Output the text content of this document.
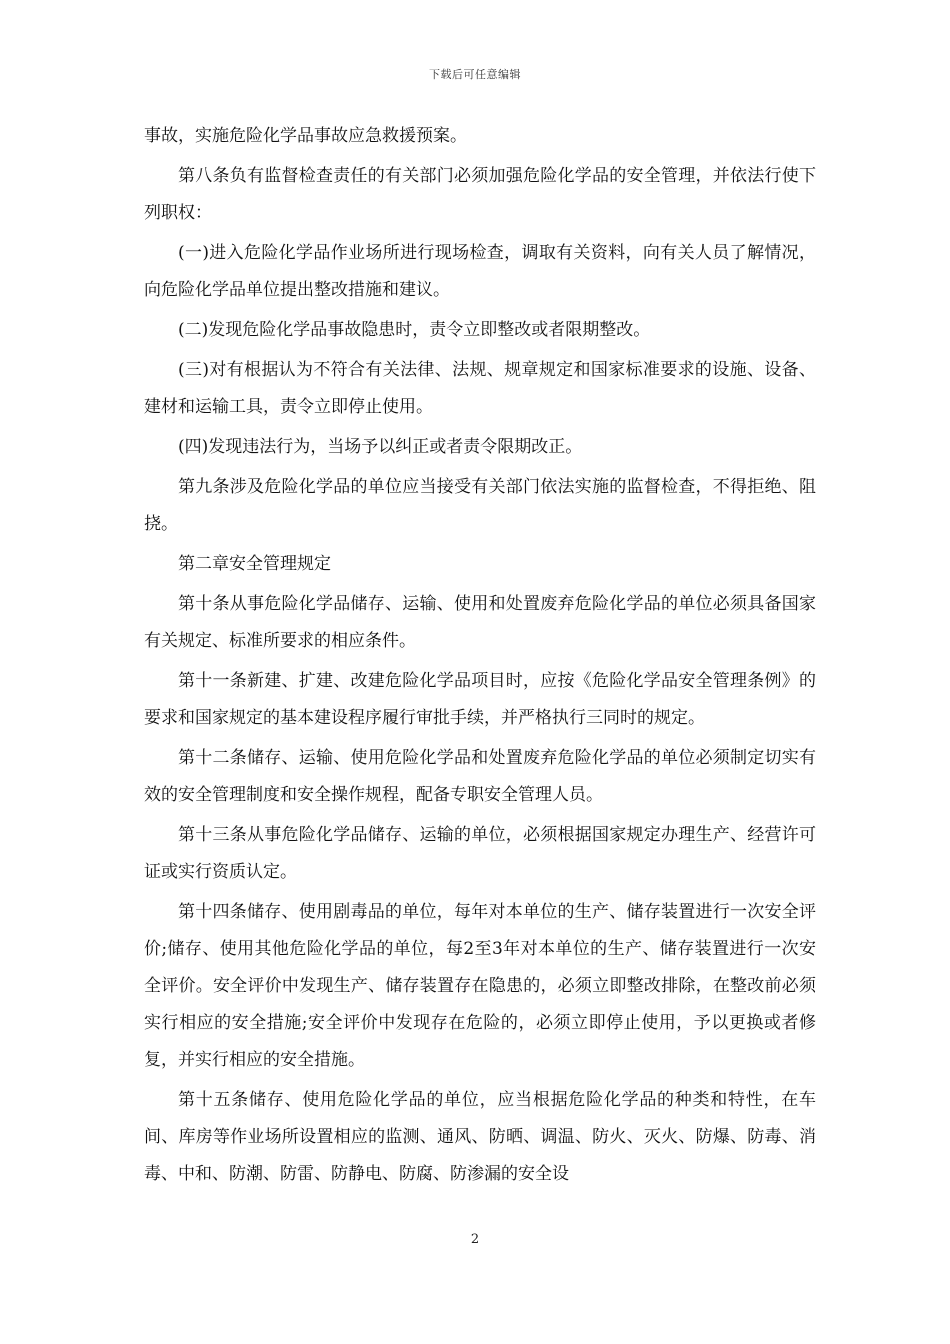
下载后可任意编辑

事故，实施危险化学品事故应急救援预案。

第八条负有监督检查责任的有关部门必须加强危险化学品的安全管理，并依法行使下列职权：

(一)进入危险化学品作业场所进行现场检查，调取有关资料，向有关人员了解情况，向危险化学品单位提出整改措施和建议。

(二)发现危险化学品事故隐患时，责令立即整改或者限期整改。

(三)对有根据认为不符合有关法律、法规、规章规定和国家标准要求的设施、设备、建材和运输工具，责令立即停止使用。

(四)发现违法行为，当场予以纠正或者责令限期改正。

第九条涉及危险化学品的单位应当接受有关部门依法实施的监督检查，不得拒绝、阻挠。

第二章安全管理规定

第十条从事危险化学品储存、运输、使用和处置废弃危险化学品的单位必须具备国家有关规定、标准所要求的相应条件。

第十一条新建、扩建、改建危险化学品项目时，应按《危险化学品安全管理条例》的要求和国家规定的基本建设程序履行审批手续，并严格执行三同时的规定。

第十二条储存、运输、使用危险化学品和处置废弃危险化学品的单位必须制定切实有效的安全管理制度和安全操作规程，配备专职安全管理人员。

第十三条从事危险化学品储存、运输的单位，必须根据国家规定办理生产、经营许可证或实行资质认定。

第十四条储存、使用剧毒品的单位，每年对本单位的生产、储存装置进行一次安全评价;储存、使用其他危险化学品的单位，每2至3年对本单位的生产、储存装置进行一次安全评价。安全评价中发现生产、储存装置存在隐患的，必须立即整改排除，在整改前必须实行相应的安全措施;安全评价中发现存在危险的，必须立即停止使用，予以更换或者修复，并实行相应的安全措施。

第十五条储存、使用危险化学品的单位，应当根据危险化学品的种类和特性，在车间、库房等作业场所设置相应的监测、通风、防晒、调温、防火、灭火、防爆、防毒、消毒、中和、防潮、防雷、防静电、防腐、防渗漏的安全设

2
